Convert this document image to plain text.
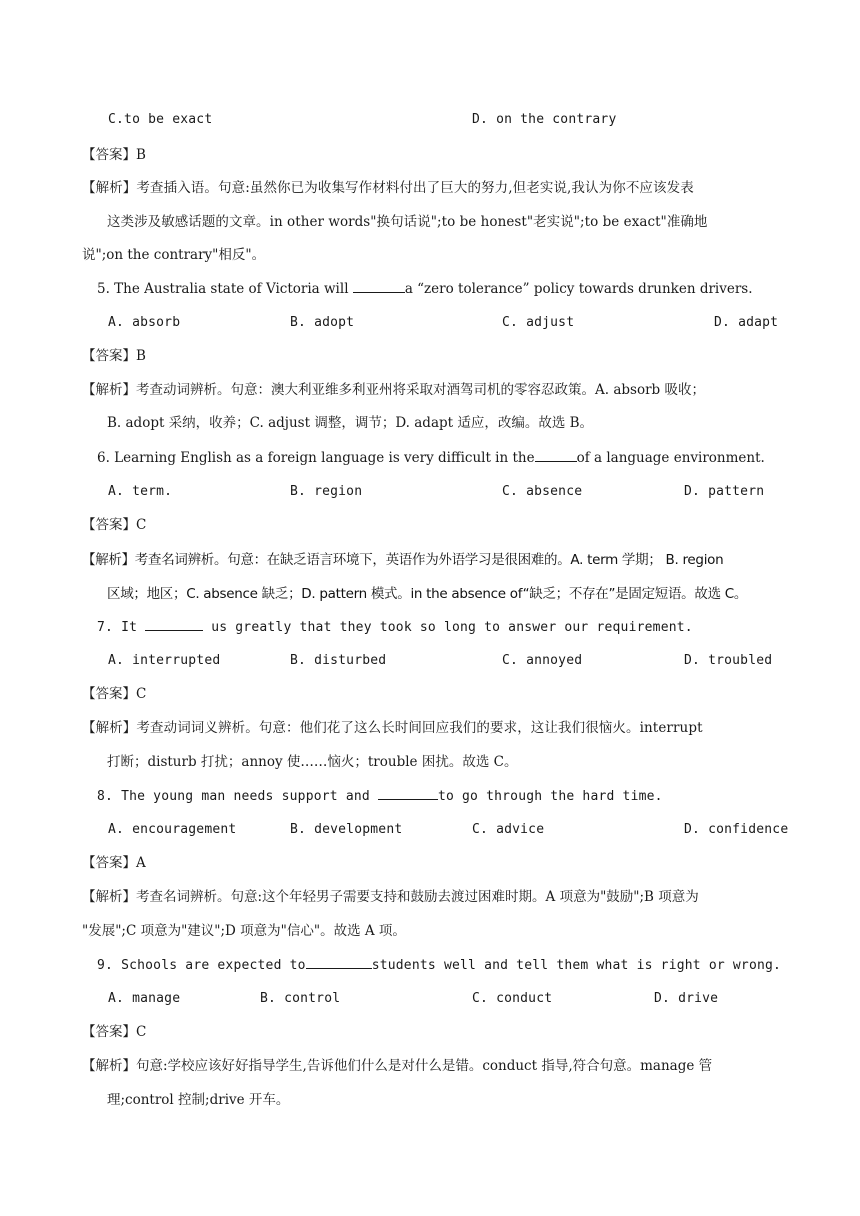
C.to be exact	D. on the contrary
【答案】B
【解析】考查插入语。句意:虽然你已为收集写作材料付出了巨大的努力,但老实说,我认为你不应该发表
这类涉及敏感话题的文章。in other words"换句话说";to be honest"老实说";to be exact"准确地
说";on the contrary"相反"。
5. The Australia state of Victoria will	a “zero tolerance” policy towards drunken drivers.
A. absorb	B. adopt	C. adjust	D. adapt
【答案】B
【解析】考查动词辨析。句意：澳大利亚维多利亚州将采取对酒驾司机的零容忍政策。A. absorb 吸收；
B. adopt 采纳，收养；C. adjust 调整，调节；D. adapt 适应，改编。故选 B。
6. Learning English as a foreign language is very difficult in the	of a language environment.
A. term.	B. region	C. absence	D. pattern
【答案】C
【解析】考查名词辨析。句意：在缺乏语言环境下，英语作为外语学习是很困难的。A. term 学期； B. region
区域；地区；C. absence 缺乏；D. pattern 模式。in the absence of“缺乏；不存在”是固定短语。故选 C。
7. It	us greatly that they took so long to answer our requirement.
A. interrupted	B. disturbed	C. annoyed	D. troubled
【答案】C
【解析】考查动词词义辨析。句意：他们花了这么长时间回应我们的要求，这让我们很恼火。interrupt
打断；disturb 打扰；annoy 使……恼火；trouble 困扰。故选 C。
8. The young man needs support and	to go through the hard time.
A. encouragement	B. development	C. advice	D. confidence
【答案】A
【解析】考查名词辨析。句意:这个年轻男子需要支持和鼓励去渡过困难时期。A 项意为"鼓励";B 项意为
"发展";C 项意为"建议";D 项意为"信心"。故选 A 项。
9. Schools are expected to	students well and tell them what is right or wrong.
A. manage	B. control	C. conduct	D. drive
【答案】C
【解析】句意:学校应该好好指导学生,告诉他们什么是对什么是错。conduct 指导,符合句意。manage 管
理;control 控制;drive 开车。
